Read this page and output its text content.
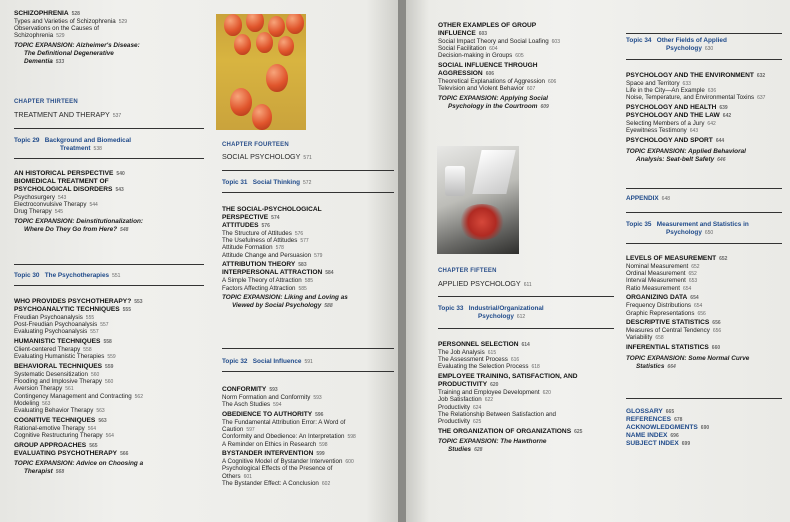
SCHIZOPHRENIA 528
Types and Varieties of Schizophrenia 529
Observations on the Causes of
Schizophrenia 529
TOPIC EXPANSION: Alzheimer's Disease:
The Definitional Degenerative
Dementia 533
CHAPTER THIRTEEN
TREATMENT AND THERAPY 537
Topic 29 Background and Biomedical
Treatment 538
AN HISTORICAL PERSPECTIVE 540
BIOMEDICAL TREATMENT OF
PSYCHOLOGICAL DISORDERS 543
Psychosurgery 543
Electroconvulsive Therapy 544
Drug Therapy 545
TOPIC EXPANSION: Deinstitutionalization:
Where Do They Go from Here? 548
Topic 30 The Psychotherapies 551
WHO PROVIDES PSYCHOTHERAPY? 553
PSYCHOANALYTIC TECHNIQUES 555
Freudian Psychoanalysis 555
Post-Freudian Psychoanalysis 557
Evaluating Psychoanalysis 557
HUMANISTIC TECHNIQUES 558
Client-centered Therapy 558
Evaluating Humanistic Therapies 559
BEHAVIORAL TECHNIQUES 559
Systematic Desensitization 560
Flooding and Implosive Therapy 560
Aversion Therapy 561
Contingency Management and Contracting 562
Modeling 563
Evaluating Behavior Therapy 563
COGNITIVE TECHNIQUES 563
Rational-emotive Therapy 564
Cognitive Restructuring Therapy 564
GROUP APPROACHES 565
EVALUATING PSYCHOTHERAPY 566
TOPIC EXPANSION: Advice on Choosing a
Therapist 568
CHAPTER FOURTEEN
SOCIAL PSYCHOLOGY 571
Topic 31 Social Thinking 572
THE SOCIAL-PSYCHOLOGICAL
PERSPECTIVE 574
ATTITUDES 576
The Structure of Attitudes 576
The Usefulness of Attitudes 577
Attitude Formation 578
Attitude Change and Persuasion 579
ATTRIBUTION THEORY 583
INTERPERSONAL ATTRACTION 584
A Simple Theory of Attraction 585
Factors Affecting Attraction 585
TOPIC EXPANSION: Liking and Loving as
Viewed by Social Psychology 588
Topic 32 Social Influence 591
CONFORMITY 593
Norm Formation and Conformity 593
The Asch Studies 594
OBEDIENCE TO AUTHORITY 596
The Fundamental Attribution Error: A Word of
Caution 597
Conformity and Obedience: An Interpretation 598
A Reminder on Ethics in Research 598
BYSTANDER INTERVENTION 599
A Cognitive Model of Bystander Intervention 600
Psychological Effects of the Presence of
Others 601
The Bystander Effect: A Conclusion 602
OTHER EXAMPLES OF GROUP
INFLUENCE 603
Social Impact Theory and Social Loafing 603
Social Facilitation 604
Decision-making in Groups 605
SOCIAL INFLUENCE THROUGH
AGGRESSION 606
Theoretical Explanations of Aggression 606
Television and Violent Behavior 607
TOPIC EXPANSION: Applying Social
Psychology in the Courtroom 609
CHAPTER FIFTEEN
APPLIED PSYCHOLOGY 611
Topic 33 Industrial/Organizational
Psychology 612
PERSONNEL SELECTION 614
The Job Analysis 615
The Assessment Process 616
Evaluating the Selection Process 618
EMPLOYEE TRAINING, SATISFACTION, AND
PRODUCTIVITY 620
Training and Employee Development 620
Job Satisfaction 622
Productivity 624
The Relationship Between Satisfaction and
Productivity 625
THE ORGANIZATION OF ORGANIZATIONS 625
TOPIC EXPANSION: The Hawthorne
Studies 628
Topic 34 Other Fields of Applied
Psychology 630
PSYCHOLOGY AND THE ENVIRONMENT 632
Space and Territory 633
Life in the City—An Example 636
Noise, Temperature, and Environmental Toxins 637
PSYCHOLOGY AND HEALTH 639
PSYCHOLOGY AND THE LAW 642
Selecting Members of a Jury 642
Eyewitness Testimony 643
PSYCHOLOGY AND SPORT 644
TOPIC EXPANSION: Applied Behavioral
Analysis: Seat-belt Safety 646
APPENDIX 648
Topic 35 Measurement and Statistics in
Psychology 650
LEVELS OF MEASUREMENT 652
Nominal Measurement 652
Ordinal Measurement 652
Interval Measurement 653
Ratio Measurement 654
ORGANIZING DATA 654
Frequency Distributions 654
Graphic Representations 656
DESCRIPTIVE STATISTICS 656
Measures of Central Tendency 656
Variability 658
INFERENTIAL STATISTICS 660
TOPIC EXPANSION: Some Normal Curve
Statistics 664
GLOSSARY 665
REFERENCES 678
ACKNOWLEDGMENTS 690
NAME INDEX 696
SUBJECT INDEX 699
